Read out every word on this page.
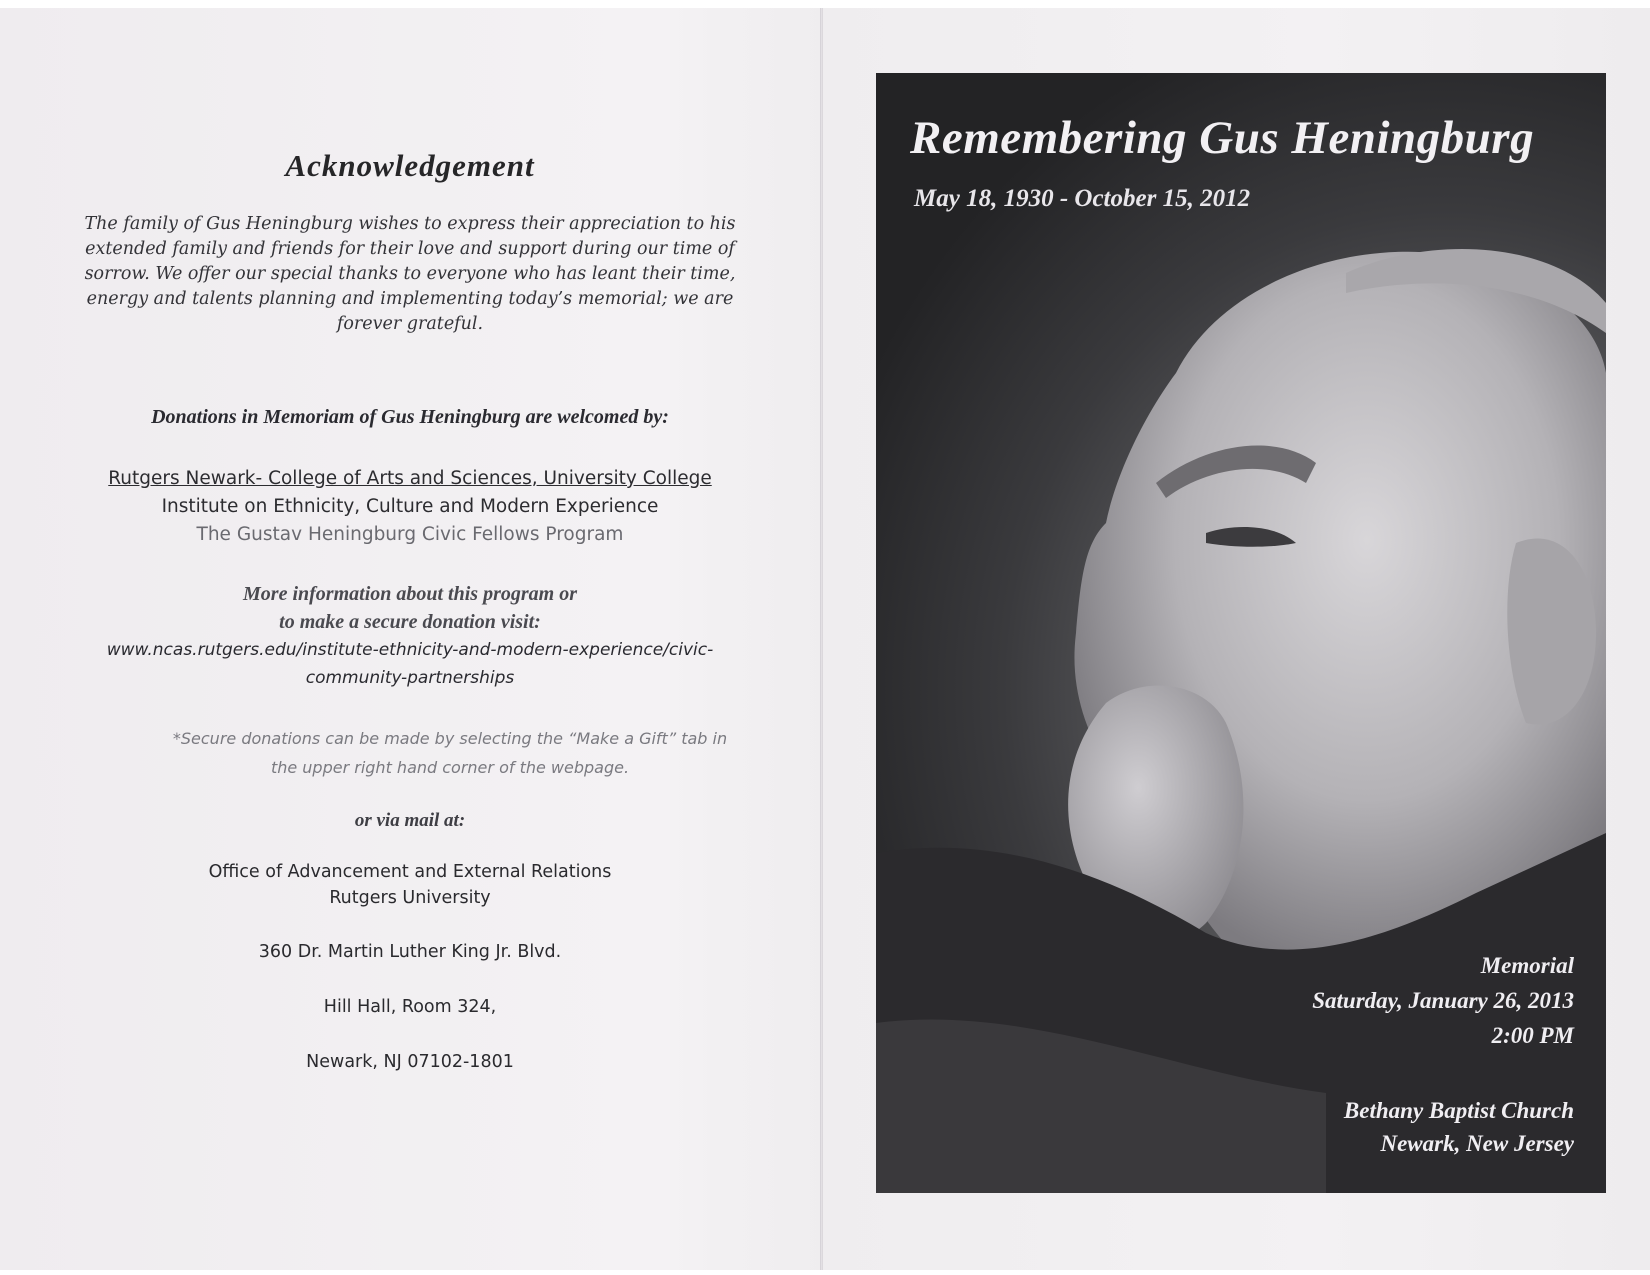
Acknowledgement
The family of Gus Heningburg wishes to express their appreciation to his
extended family and friends for their love and support during our time of
sorrow. We offer our special thanks to everyone who has leant their time,
energy and talents planning and implementing today’s memorial; we are
forever grateful.
Donations in Memoriam of Gus Heningburg are welcomed by:
Rutgers Newark- College of Arts and Sciences, University College
Institute on Ethnicity, Culture and Modern Experience
The Gustav Heningburg Civic Fellows Program
More information about this program or
to make a secure donation visit:
www.ncas.rutgers.edu/institute-ethnicity-and-modern-experience/civic-
community-partnerships
*Secure donations can be made by selecting the “Make a Gift” tab in
the upper right hand corner of the webpage.
or via mail at:
Office of Advancement and External Relations
Rutgers University
360 Dr. Martin Luther King Jr. Blvd.
Hill Hall, Room 324,
Newark, NJ 07102-1801
Remembering Gus Heningburg
May 18, 1930 - October 15, 2012
Memorial
Saturday, January 26, 2013
2:00 PM
Bethany Baptist Church
Newark, New Jersey
